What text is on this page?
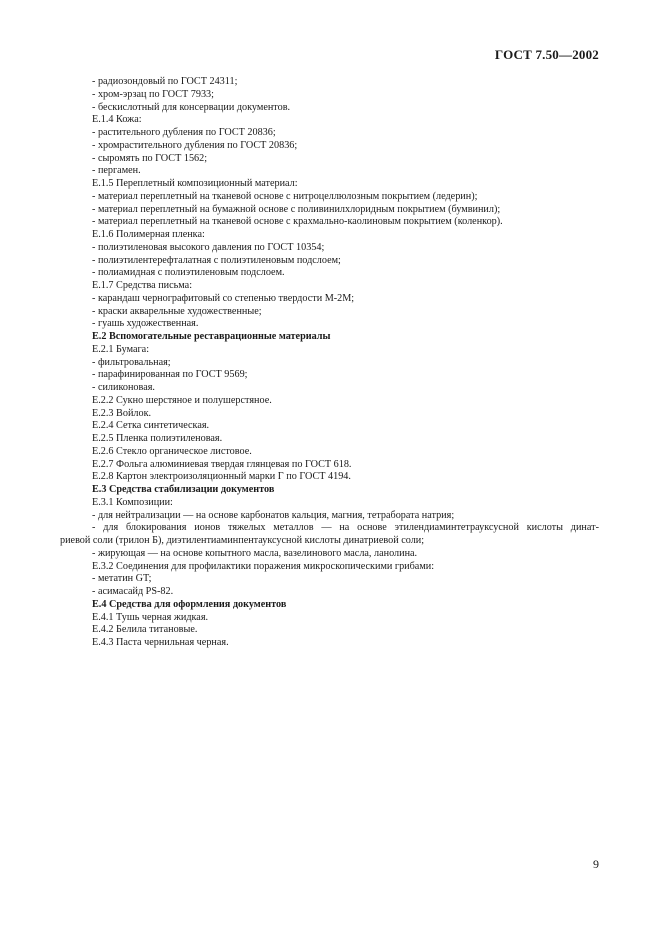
ГОСТ 7.50—2002
- радиозондовый по ГОСТ 24311;
- хром-эрзац по ГОСТ 7933;
- бескислотный для консервации документов.
Е.1.4 Кожа:
- растительного дубления по ГОСТ 20836;
- хромрастительного дубления по ГОСТ 20836;
- сыромять по ГОСТ 1562;
- пергамен.
Е.1.5 Переплетный композиционный материал:
- материал переплетный на тканевой основе с нитроцеллюлозным покрытием (ледерин);
- материал переплетный на бумажной основе с поливинилхлоридным покрытием (бумвинил);
- материал переплетный на тканевой основе с крахмально-каолиновым покрытием (коленкор).
Е.1.6 Полимерная пленка:
- полиэтиленовая высокого давления по ГОСТ 10354;
- полиэтилентерефталатная с полиэтиленовым подслоем;
- полиамидная с полиэтиленовым подслоем.
Е.1.7 Средства письма:
- карандаш чернографитовый со степенью твердости М-2М;
- краски акварельные художественные;
- гуашь художественная.
Е.2 Вспомогательные реставрационные материалы
Е.2.1 Бумага:
- фильтровальная;
- парафинированная по ГОСТ 9569;
- силиконовая.
Е.2.2 Сукно шерстяное и полушерстяное.
Е.2.3 Войлок.
Е.2.4 Сетка синтетическая.
Е.2.5 Пленка полиэтиленовая.
Е.2.6 Стекло органическое листовое.
Е.2.7 Фольга алюминиевая твердая глянцевая по ГОСТ 618.
Е.2.8 Картон электроизоляционный марки Г по ГОСТ 4194.
Е.3 Средства стабилизации документов
Е.3.1 Композиции:
- для нейтрализации — на основе карбонатов кальция, магния, тетрабората натрия;
- для блокирования ионов тяжелых металлов — на основе этилендиаминтетрауксусной кислоты динат-
риевой соли (трилон Б), диэтилентиаминпентауксусной кислоты динатриевой соли;
- жирующая — на основе копытного масла, вазелинового масла, ланолина.
Е.3.2 Соединения для профилактики поражения микроскопическими грибами:
- метатин GT;
- асимасайд PS-82.
Е.4 Средства для оформления документов
Е.4.1 Тушь черная жидкая.
Е.4.2 Белила титановые.
Е.4.3 Паста чернильная черная.
9
